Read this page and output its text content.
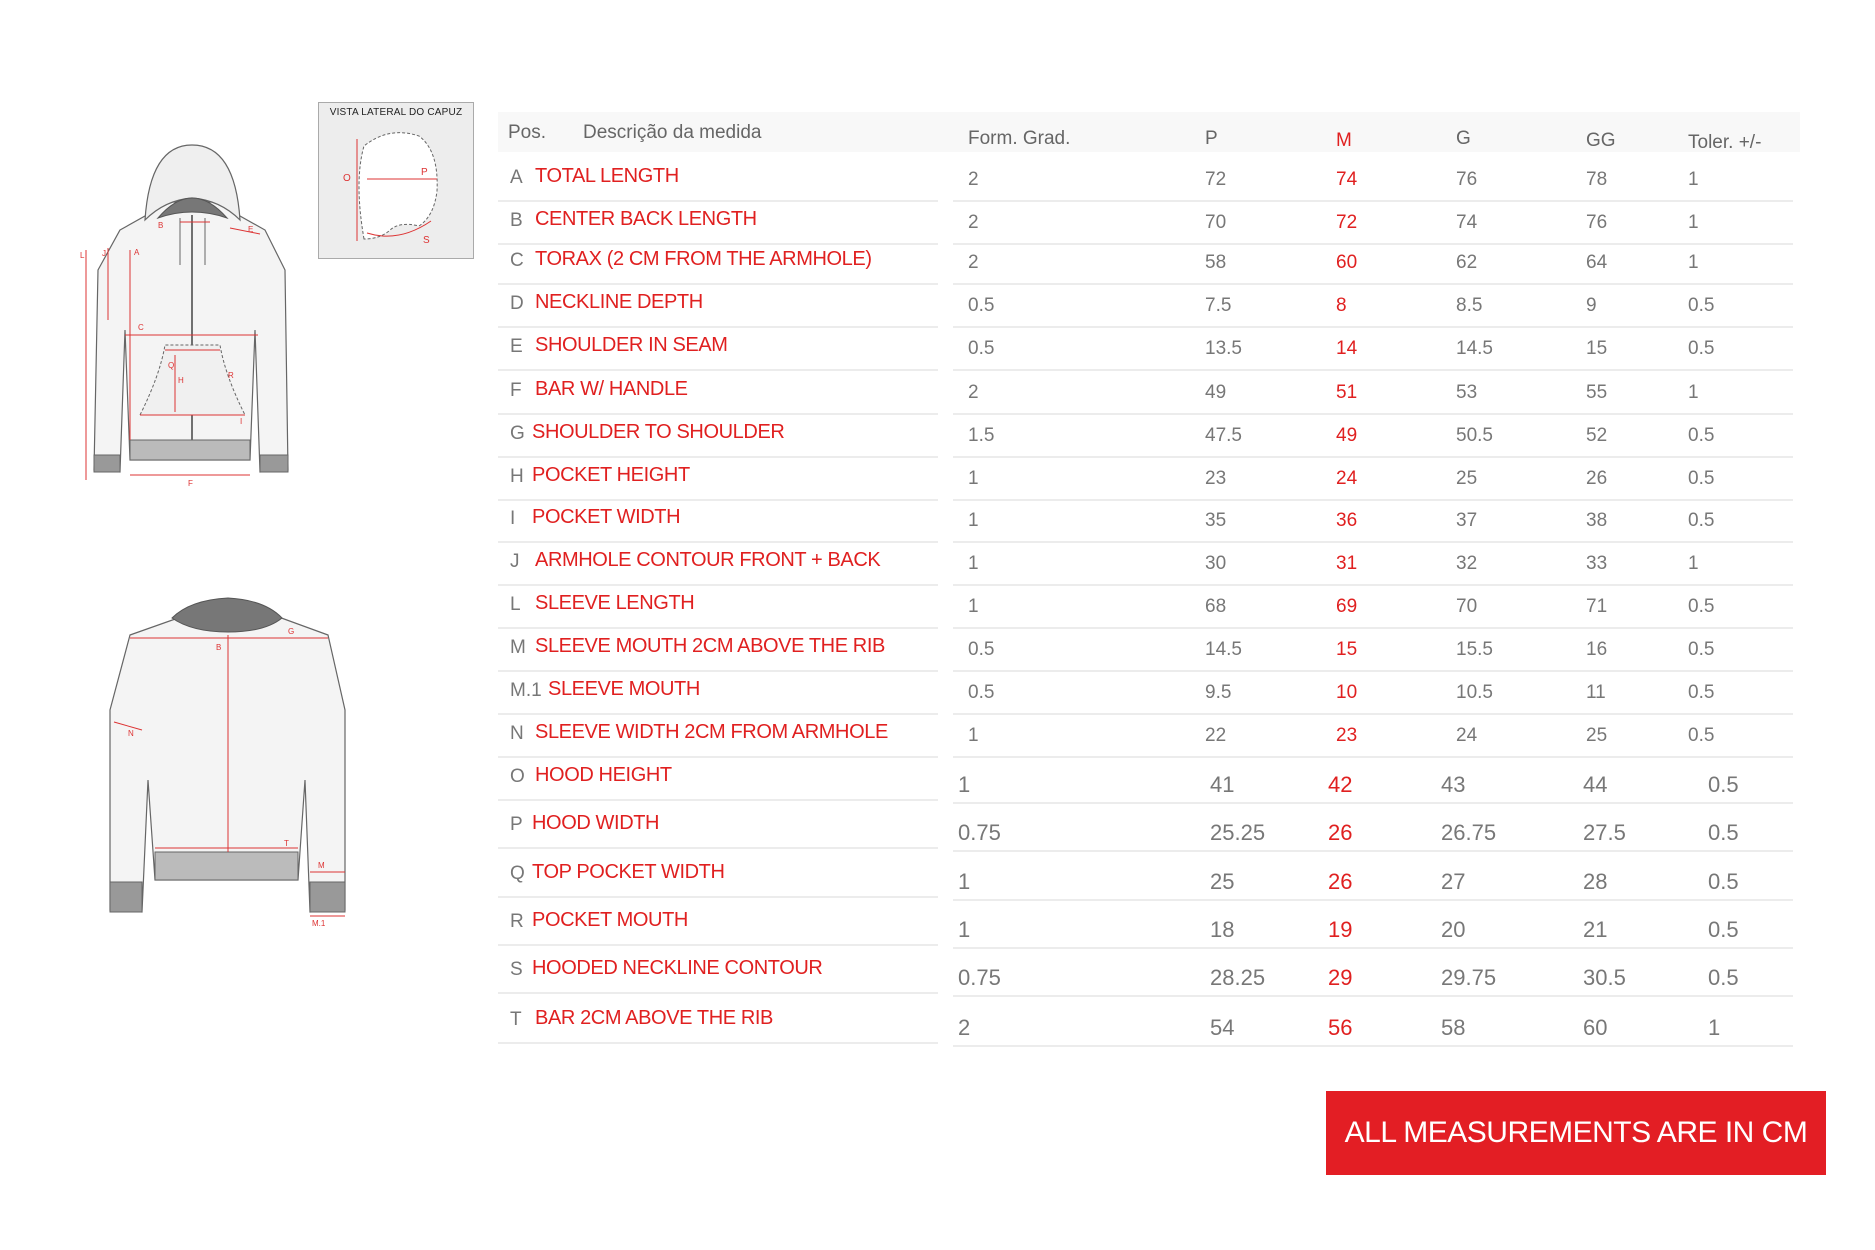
B	E
J
L	A
C
Q
H
R
I
F
VISTA LATERAL DO CAPUZ
O
P
S
G
B
N
T
M
M.1
Pos. Descrição da medida	Form. Grad.	P	M	G	GG	Toler. +/-
A TOTAL LENGTH	2	72	74	76	78	1
B CENTER BACK LENGTH	2	70	72	74	76	1
C TORAX (2 CM FROM THE ARMHOLE)	2	58	60	62	64	1
D NECKLINE DEPTH	0.5	7.5	8	8.5	9	0.5
E SHOULDER IN SEAM	0.5	13.5	14	14.5	15	0.5
F BAR W/ HANDLE	2	49	51	53	55	1
G SHOULDER TO SHOULDER	1.5	47.5	49	50.5	52	0.5
H POCKET HEIGHT	1	23	24	25	26	0.5
I POCKET WIDTH	1	35	36	37	38	0.5
J ARMHOLE CONTOUR FRONT + BACK	1	30	31	32	33	1
L SLEEVE LENGTH	1	68	69	70	71	0.5
M SLEEVE MOUTH 2CM ABOVE THE RIB	0.5	14.5	15	15.5	16	0.5
M.1 SLEEVE MOUTH	0.5	9.5	10	10.5	11	0.5
N SLEEVE WIDTH 2CM FROM ARMHOLE	1	22	23	24	25	0.5
O HOOD HEIGHT	1	41	42	43	44	0.5
P HOOD WIDTH	0.75	25.25	26	26.75	27.5	0.5
Q TOP POCKET WIDTH	1	25	26	27	28	0.5
R POCKET MOUTH	1	18	19	20	21	0.5
S HOODED NECKLINE CONTOUR	0.75	28.25	29	29.75	30.5	0.5
T BAR 2CM ABOVE THE RIB	2	54	56	58	60	1
ALL MEASUREMENTS ARE IN CM
